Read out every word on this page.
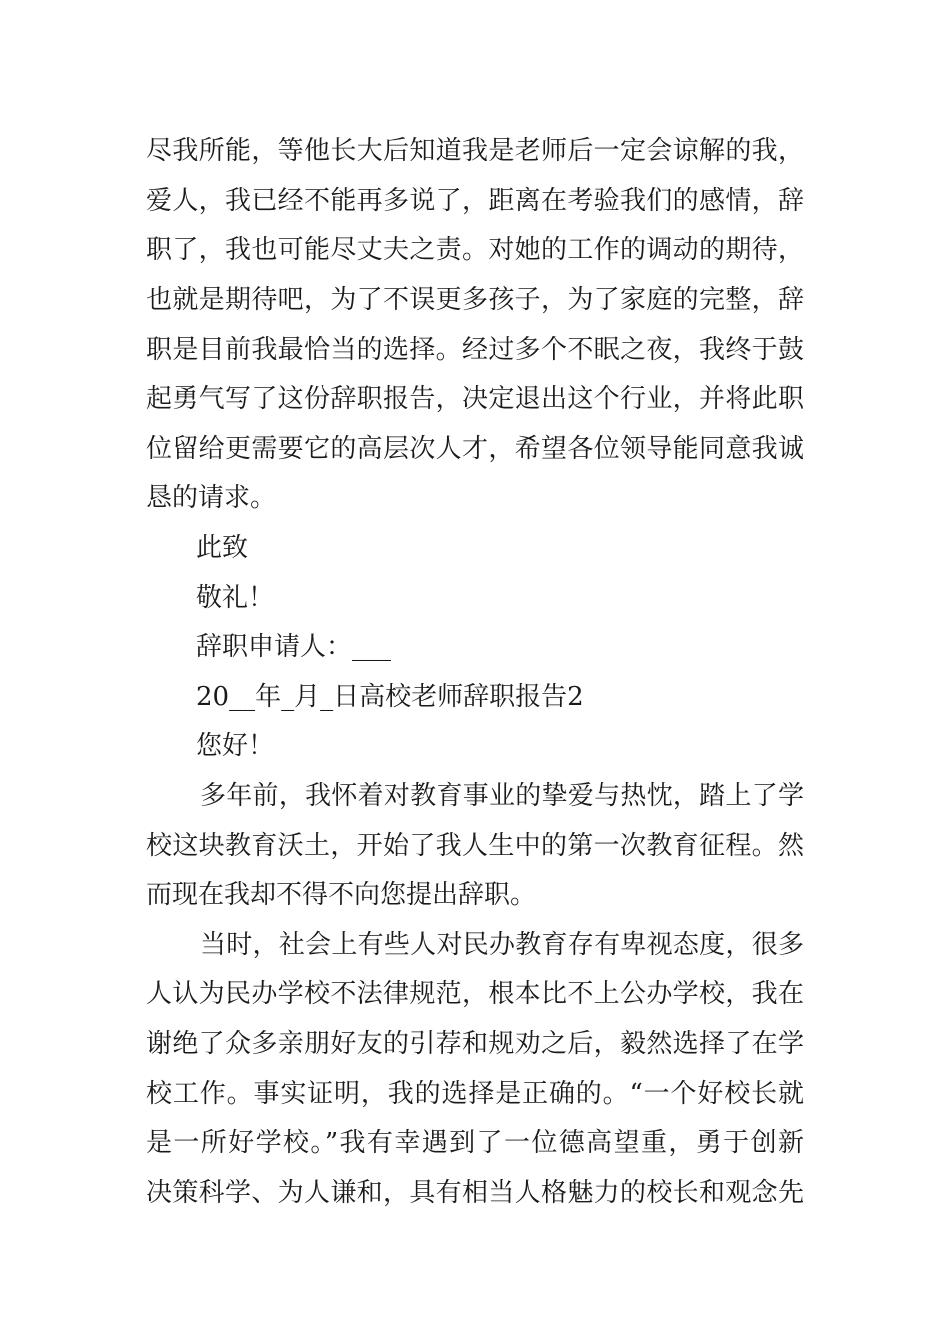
尽我所能，等他长大后知道我是老师后一定会谅解的我，
爱人，我已经不能再多说了，距离在考验我们的感情，辞
职了，我也可能尽丈夫之责。对她的工作的调动的期待，
也就是期待吧，为了不误更多孩子，为了家庭的完整，辞
职是目前我最恰当的选择。经过多个不眠之夜，我终于鼓
起勇气写了这份辞职报告，决定退出这个行业，并将此职
位留给更需要它的高层次人才，希望各位领导能同意我诚
恳的请求。
此致
敬礼！
辞职申请人：___
20__年_月_日高校老师辞职报告2
您好！
多年前，我怀着对教育事业的挚爱与热忱，踏上了学
校这块教育沃土，开始了我人生中的第一次教育征程。然
而现在我却不得不向您提出辞职。
当时，社会上有些人对民办教育存有卑视态度，很多
人认为民办学校不法律规范，根本比不上公办学校，我在
谢绝了众多亲朋好友的引荐和规劝之后，毅然选择了在学
校工作。事实证明，我的选择是正确的。“一个好校长就
是一所好学校。”我有幸遇到了一位德高望重，勇于创新
决策科学、为人谦和，具有相当人格魅力的校长和观念先
